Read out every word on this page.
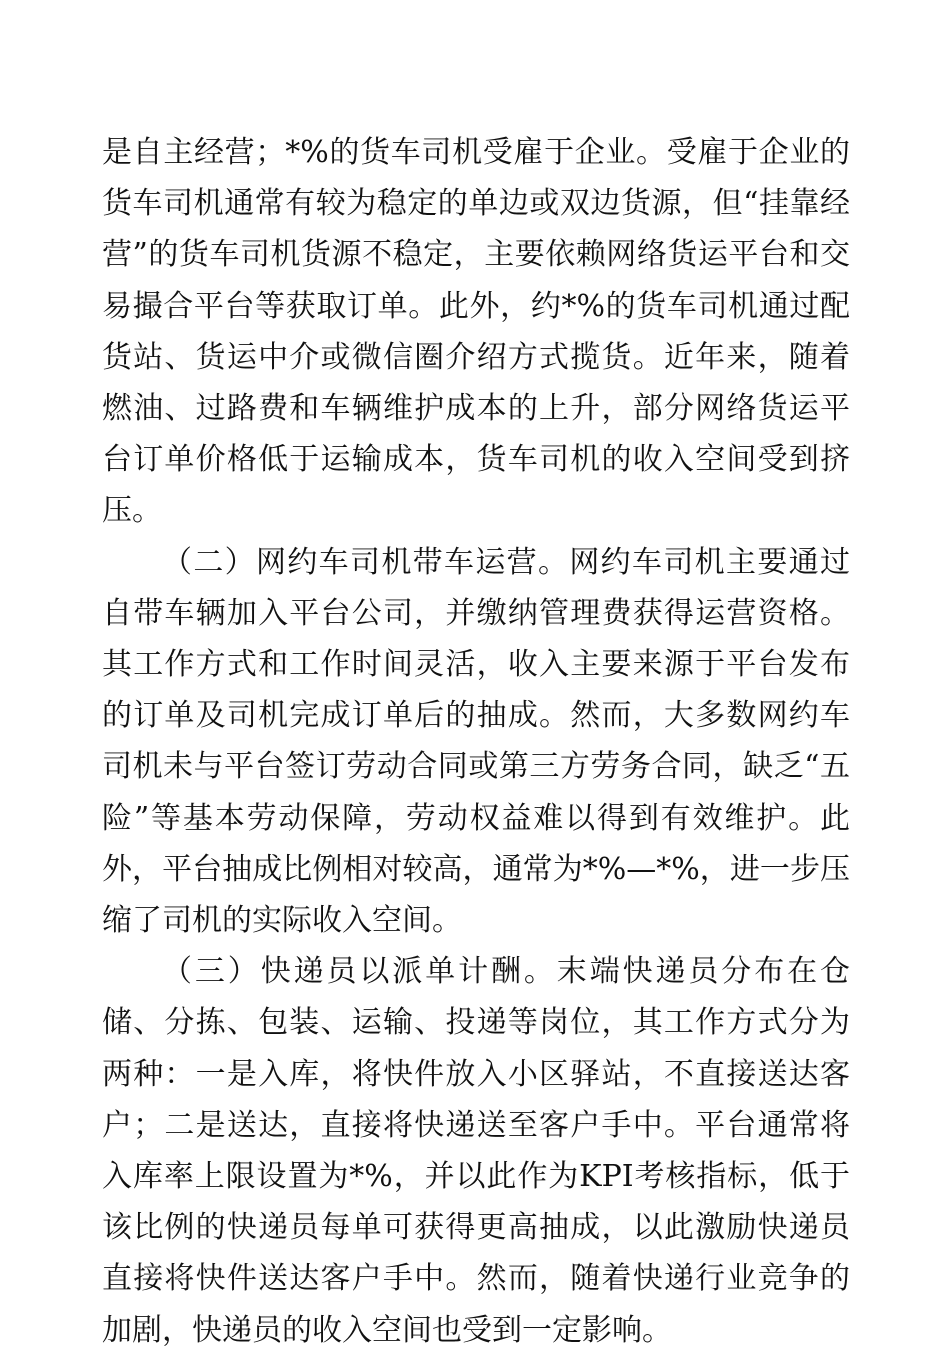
是自主经营；*%的货车司机受雇于企业。受雇于企业的货车司机通常有较为稳定的单边或双边货源，但“挂靠经营”的货车司机货源不稳定，主要依赖网络货运平台和交易撮合平台等获取订单。此外，约*%的货车司机通过配货站、货运中介或微信圈介绍方式揽货。近年来，随着燃油、过路费和车辆维护成本的上升，部分网络货运平台订单价格低于运输成本，货车司机的收入空间受到挤压。

（二）网约车司机带车运营。网约车司机主要通过自带车辆加入平台公司，并缴纳管理费获得运营资格。其工作方式和工作时间灵活，收入主要来源于平台发布的订单及司机完成订单后的抽成。然而，大多数网约车司机未与平台签订劳动合同或第三方劳务合同，缺乏“五险”等基本劳动保障，劳动权益难以得到有效维护。此外，平台抽成比例相对较高，通常为*%—*%，进一步压缩了司机的实际收入空间。

（三）快递员以派单计酬。末端快递员分布在仓储、分拣、包装、运输、投递等岗位，其工作方式分为两种：一是入库，将快件放入小区驿站，不直接送达客户；二是送达，直接将快递送至客户手中。平台通常将入库率上限设置为*%，并以此作为KPI考核指标，低于该比例的快递员每单可获得更高抽成，以此激励快递员直接将快件送达客户手中。然而，随着快递行业竞争的加剧，快递员的收入空间也受到一定影响。
